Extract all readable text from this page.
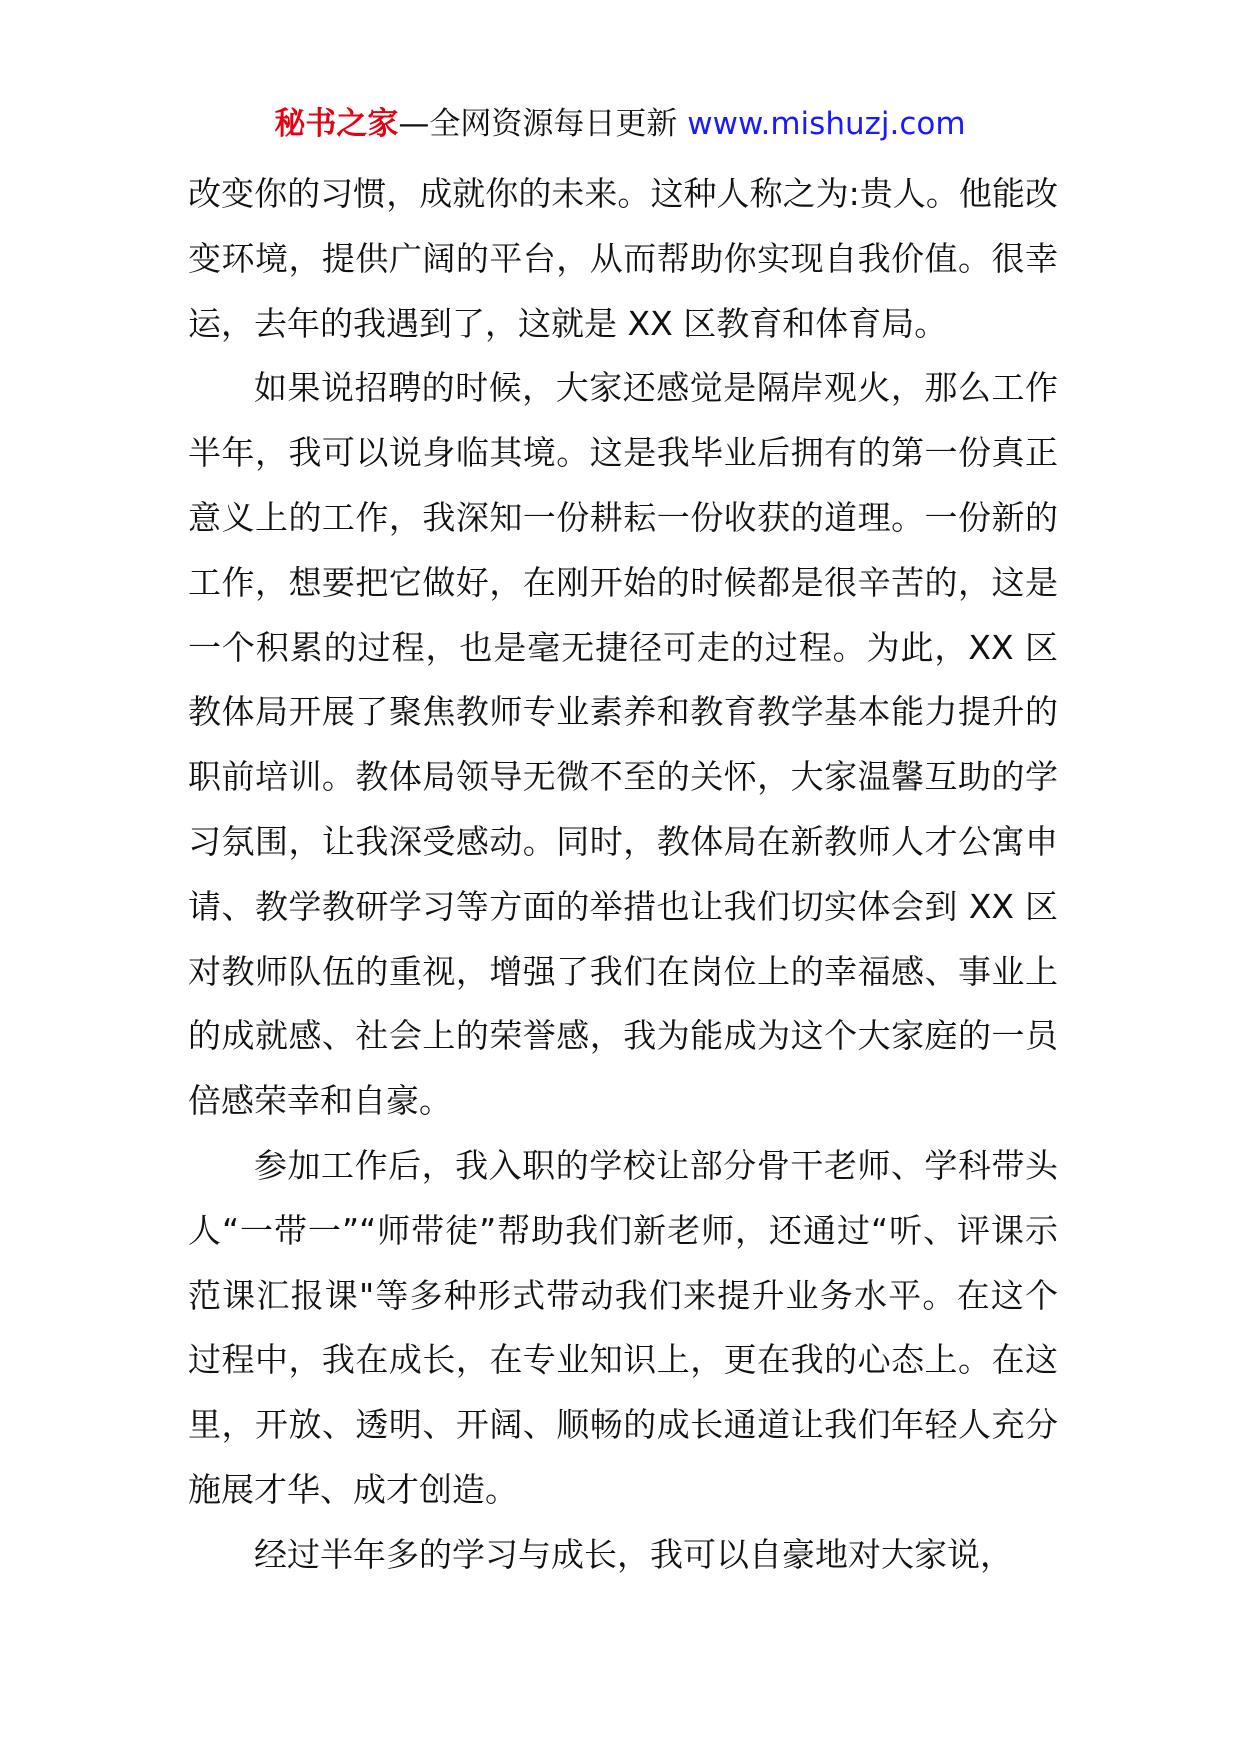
秘书之家—全网资源每日更新 www.mishuzj.com

改变你的习惯，成就你的未来。这种人称之为:贵人。他能改变环境，提供广阔的平台，从而帮助你实现自我价值。很幸运，去年的我遇到了，这就是 XX 区教育和体育局。

如果说招聘的时候，大家还感觉是隔岸观火，那么工作半年，我可以说身临其境。这是我毕业后拥有的第一份真正意义上的工作，我深知一份耕耘一份收获的道理。一份新的工作，想要把它做好，在刚开始的时候都是很辛苦的，这是一个积累的过程，也是毫无捷径可走的过程。为此，XX 区教体局开展了聚焦教师专业素养和教育教学基本能力提升的职前培训。教体局领导无微不至的关怀，大家温馨互助的学习氛围，让我深受感动。同时，教体局在新教师人才公寓申请、教学教研学习等方面的举措也让我们切实体会到 XX 区对教师队伍的重视，增强了我们在岗位上的幸福感、事业上的成就感、社会上的荣誉感，我为能成为这个大家庭的一员倍感荣幸和自豪。

参加工作后，我入职的学校让部分骨干老师、学科带头人“一带一”“师带徒”帮助我们新老师，还通过“听、评课示范课汇报课"等多种形式带动我们来提升业务水平。在这个过程中，我在成长，在专业知识上，更在我的心态上。在这里，开放、透明、开阔、顺畅的成长通道让我们年轻人充分施展才华、成才创造。

经过半年多的学习与成长，我可以自豪地对大家说，
